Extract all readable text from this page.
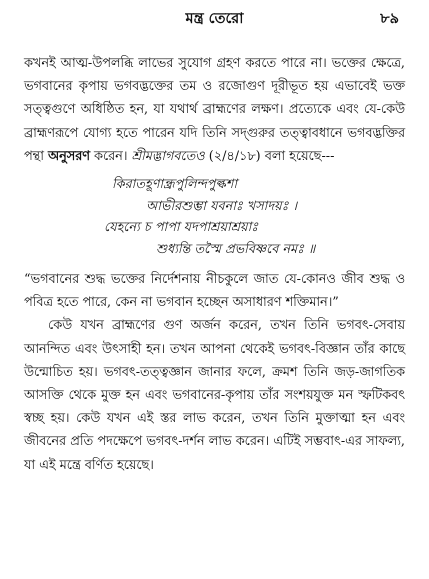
মন্ত্র তেরো	৮৯

কখনই আত্ম-উপলব্ধি লাভের সুযোগ গ্রহণ করতে পারে না। ভক্তের ক্ষেত্রে, ভগবানের কৃপায় ভগবদ্ভক্তের তম ও রজোগুণ দূরীভূত হয় এভাবেই ভক্ত সত্ত্বগুণে অধিষ্ঠিত হন, যা যথার্থ ব্রাহ্মণের লক্ষণ। প্রত্যেকে এবং যে-কেউ ব্রাহ্মণরূপে যোগ্য হতে পারেন যদি তিনি সদ্গুরুর তত্ত্বাবধানে ভগবদ্ভক্তির পন্থা অনুসরণ করেন। শ্রীমদ্ভাগবতেও (২/৪/১৮) বলা হয়েছে---

কিরাতহূণান্ধ্রপুলিন্দপুল্কশা
আভীরশুম্ভা যবনাঃ খসাদয়ঃ ।
যেহন্যে চ পাপা যদপাশ্রয়াশ্রয়াঃ
শুধ্যন্তি তস্মৈ প্রভবিষ্ণবে নমঃ ॥

“ভগবানের শুদ্ধ ভক্তের নির্দেশনায় নীচকুলে জাত যে-কোনও জীব শুদ্ধ ও পবিত্র হতে পারে, কেন না ভগবান হচ্ছেন অসাধারণ শক্তিমান।”

কেউ যখন ব্রাহ্মণের গুণ অর্জন করেন, তখন তিনি ভগবৎ-সেবায় আনন্দিত এবং উৎসাহী হন। তখন আপনা থেকেই ভগবৎ-বিজ্ঞান তাঁর কাছে উন্মোচিত হয়। ভগবৎ-তত্ত্বজ্ঞান জানার ফলে, ক্রমশ তিনি জড়-জাগতিক আসক্তি থেকে মুক্ত হন এবং ভগবানের-কৃপায় তাঁর সংশয়যুক্ত মন স্ফটিকবৎ স্বচ্ছ হয়। কেউ যখন এই স্তর লাভ করেন, তখন তিনি মুক্তাত্মা হন এবং জীবনের প্রতি পদক্ষেপে ভগবৎ-দর্শন লাভ করেন। এটিই সম্ভবাৎ-এর সাফল্য, যা এই মন্ত্রে বর্ণিত হয়েছে।
